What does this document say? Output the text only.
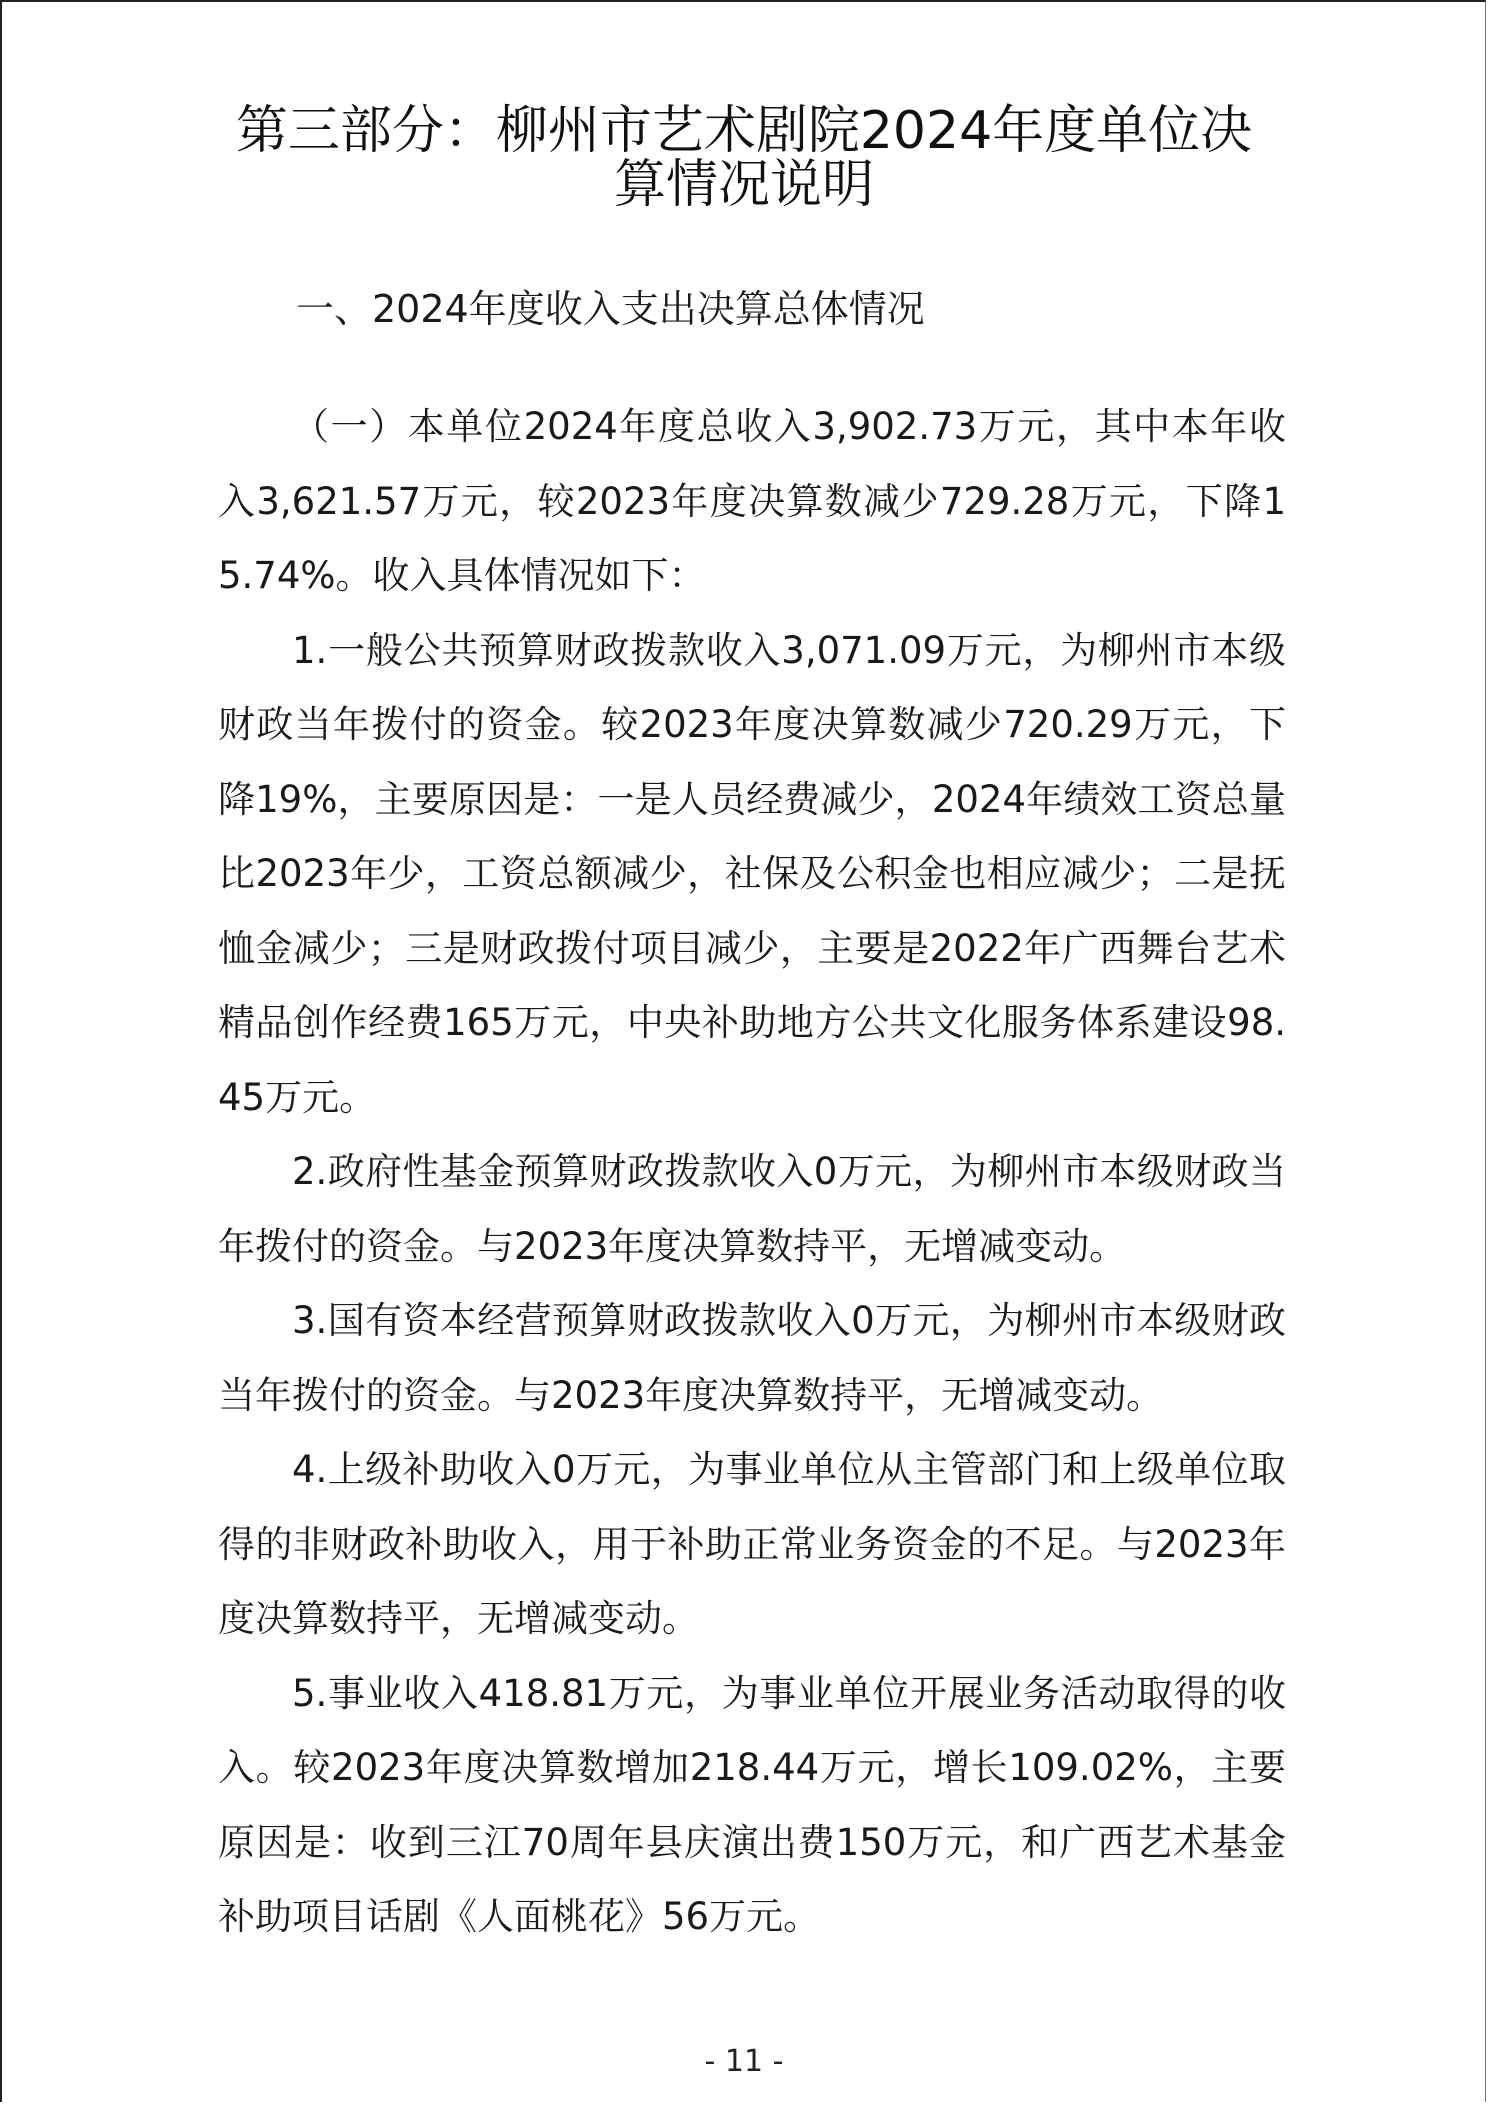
第三部分：柳州市艺术剧院2024年度单位决
算情况说明
一、2024年度收入支出决算总体情况

（一）本单位2024年度总收入3,902.73万元，其中本年收入3,621.57万元，较2023年度决算数减少729.28万元，下降15.74%。收入具体情况如下：

1.一般公共预算财政拨款收入3,071.09万元，为柳州市本级财政当年拨付的资金。较2023年度决算数减少720.29万元，下降19%，主要原因是：一是人员经费减少，2024年绩效工资总量比2023年少，工资总额减少，社保及公积金也相应减少；二是抚恤金减少；三是财政拨付项目减少，主要是2022年广西舞台艺术精品创作经费165万元，中央补助地方公共文化服务体系建设98.45万元。

2.政府性基金预算财政拨款收入0万元，为柳州市本级财政当年拨付的资金。与2023年度决算数持平，无增减变动。

3.国有资本经营预算财政拨款收入0万元，为柳州市本级财政当年拨付的资金。与2023年度决算数持平，无增减变动。

4.上级补助收入0万元，为事业单位从主管部门和上级单位取得的非财政补助收入，用于补助正常业务资金的不足。与2023年度决算数持平，无增减变动。

5.事业收入418.81万元，为事业单位开展业务活动取得的收入。较2023年度决算数增加218.44万元，增长109.02%，主要原因是：收到三江70周年县庆演出费150万元，和广西艺术基金补助项目话剧《人面桃花》56万元。

- 11 -
